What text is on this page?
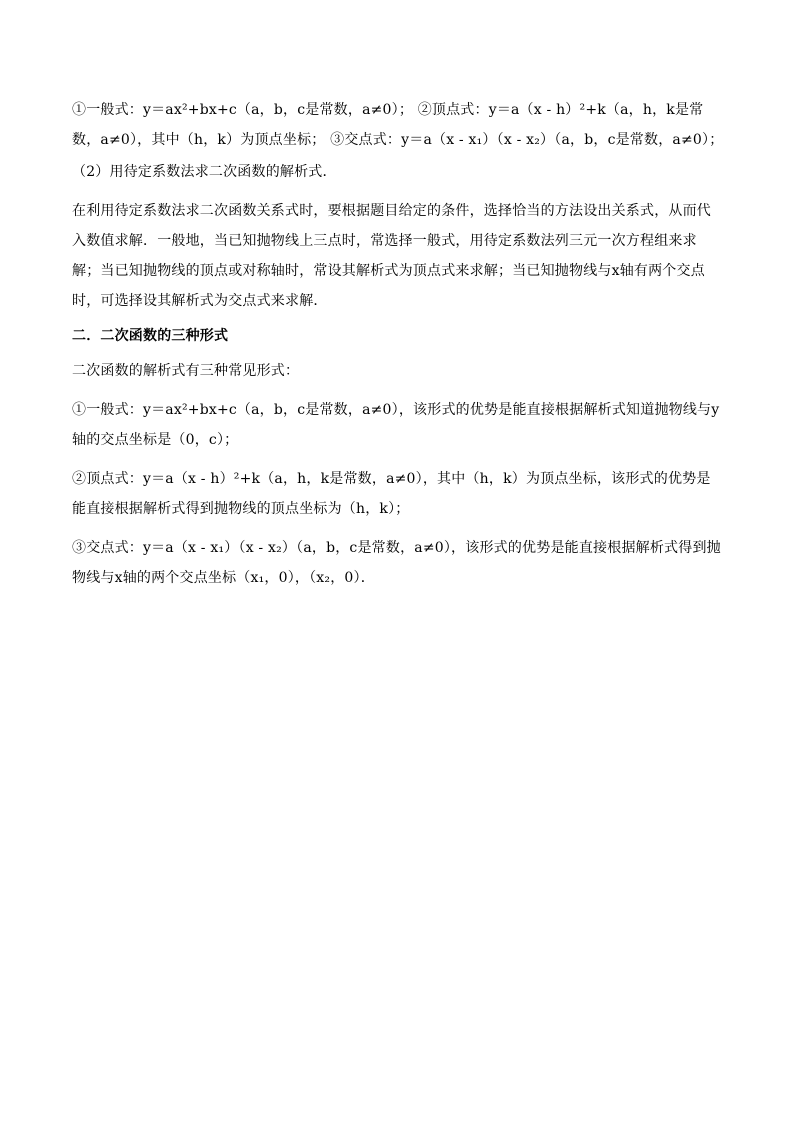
①一般式：y＝ax²+bx+c（a，b，c是常数，a≠0）； ②顶点式：y＝a（x - h）²+k（a，h，k是常数，a≠0），其中（h，k）为顶点坐标； ③交点式：y＝a（x - x₁）（x - x₂）（a，b，c是常数，a≠0）；

（2）用待定系数法求二次函数的解析式．

在利用待定系数法求二次函数关系式时，要根据题目给定的条件，选择恰当的方法设出关系式，从而代入数值求解．一般地，当已知抛物线上三点时，常选择一般式，用待定系数法列三元一次方程组来求解；当已知抛物线的顶点或对称轴时，常设其解析式为顶点式来求解；当已知抛物线与x轴有两个交点时，可选择设其解析式为交点式来求解．

二．二次函数的三种形式

二次函数的解析式有三种常见形式：

①一般式：y＝ax²+bx+c（a，b，c是常数，a≠0），该形式的优势是能直接根据解析式知道抛物线与y轴的交点坐标是（0，c）；

②顶点式：y＝a（x - h）²+k（a，h，k是常数，a≠0），其中（h，k）为顶点坐标，该形式的优势是能直接根据解析式得到抛物线的顶点坐标为（h，k）；

③交点式：y＝a（x - x₁）（x - x₂）（a，b，c是常数，a≠0），该形式的优势是能直接根据解析式得到抛物线与x轴的两个交点坐标（x₁，0），（x₂，0）．
